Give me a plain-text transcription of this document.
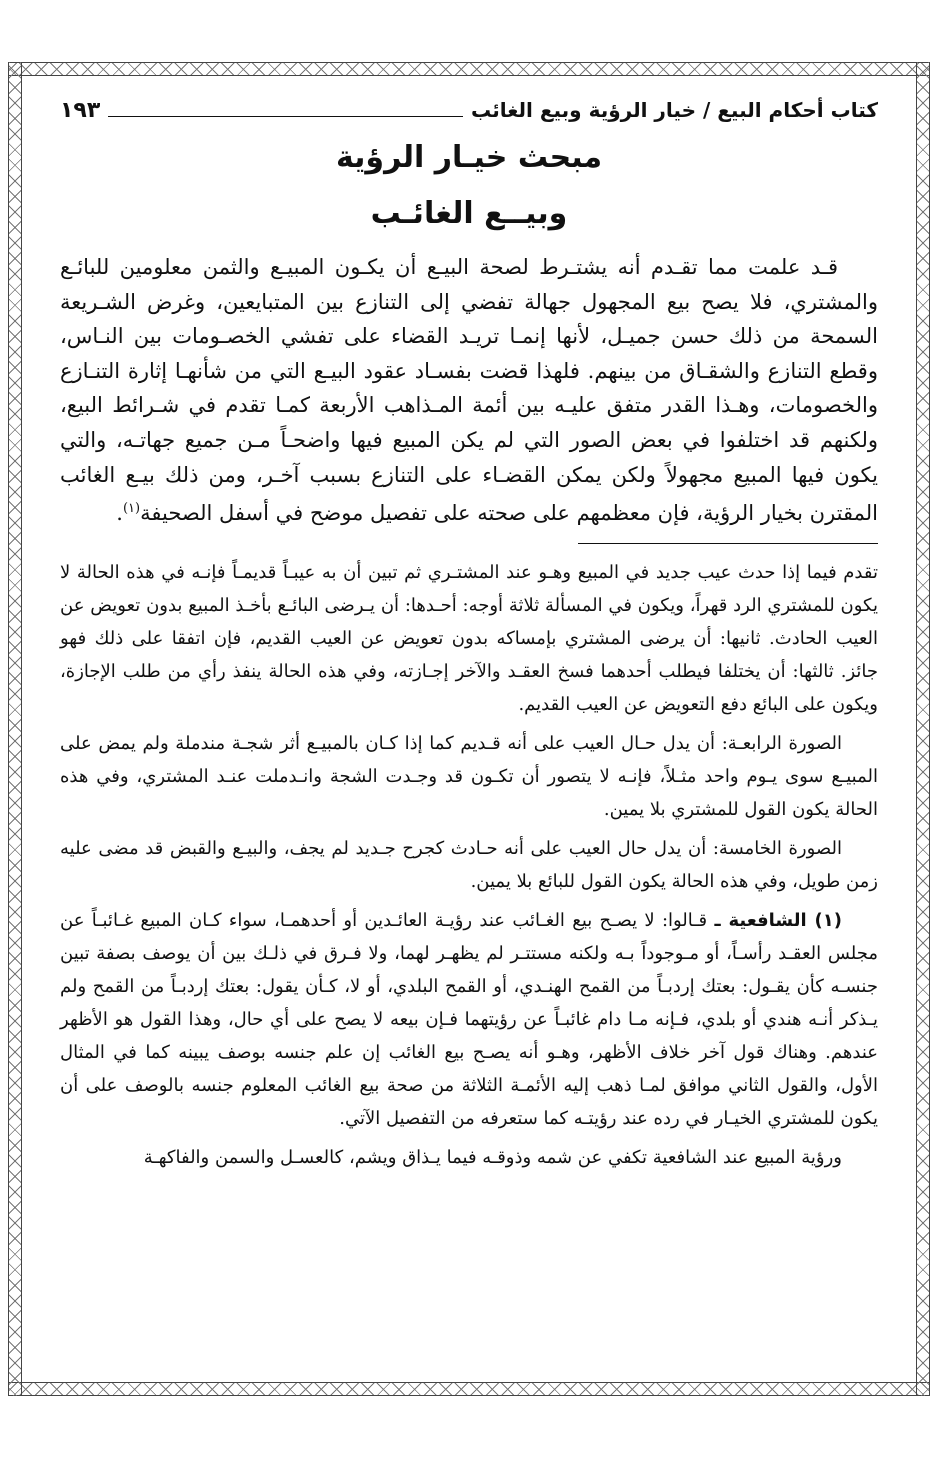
كتاب أحكام البيع / خيار الرؤية وبيع الغائب
١٩٣
مبحث خيـار الرؤية
وبيــع الغائـب

قـد علمت مما تقـدم أنه يشتـرط لصحة البيـع أن يكـون المبيـع والثمن معلومين للبائـع والمشتري، فلا يصح بيع المجهول جهالة تفضي إلى التنازع بين المتبايعين، وغرض الشـريعة السمحة من ذلك حسن جميـل، لأنها إنمـا تريـد القضاء على تفشي الخصـومات بين النـاس، وقطع التنازع والشقـاق من بينهم. فلهذا قضت بفسـاد عقود البيـع التي من شأنهـا إثارة التنـازع والخصومات، وهـذا القدر متفق عليـه بين أئمة المـذاهب الأربعة كمـا تقدم في شـرائط البيع، ولكنهم قد اختلفوا في بعض الصور التي لم يكن المبيع فيها واضحـاً مـن جميع جهاتـه، والتي يكون فيها المبيع مجهولاً ولكن يمكن القضـاء على التنازع بسبب آخـر، ومن ذلك بيـع الغائب المقترن بخيار الرؤية، فإن معظمهم على صحته على تفصيل موضح في أسفل الصحيفة$^{(١)}$.

تقدم فيما إذا حدث عيب جديد في المبيع وهـو عند المشتـري ثم تبين أن به عيبـاً قديمـاً فإنـه في هذه الحالة لا يكون للمشتري الرد قهراً، ويكون في المسألة ثلاثة أوجه: أحـدها: أن يـرضى البائـع بأخـذ المبيع بدون تعويض عن العيب الحادث. ثانيها: أن يرضى المشتري بإمساكه بدون تعويض عن العيب القديم، فإن اتفقا على ذلك فهو جائز. ثالثها: أن يختلفا فيطلب أحدهما فسخ العقـد والآخر إجـازته، وفي هذه الحالة ينفذ رأي من طلب الإجازة، ويكون على البائع دفع التعويض عن العيب القديم.

الصورة الرابعـة: أن يدل حـال العيب على أنه قـديم كما إذا كـان بالمبيـع أثر شجـة مندملة ولم يمض على المبيـع سوى يـوم واحد مثـلاً، فإنـه لا يتصور أن تكـون قد وجـدت الشجة وانـدملت عنـد المشتري، وفي هذه الحالة يكون القول للمشتري بلا يمين.

الصورة الخامسة: أن يدل حال العيب على أنه حـادث كجرح جـديد لم يجف، والبيـع والقبض قد مضى عليه زمن طويل، وفي هذه الحالة يكون القول للبائع بلا يمين.

(١) الشافعية ـ قـالوا: لا يصـح بيع الغـائب عند رؤيـة العائـدين أو أحدهمـا، سواء كـان المبيع غـائبـاً عن مجلس العقـد رأسـاً، أو مـوجوداً بـه ولكنه مستتـر لم يظهـر لهما، ولا فـرق في ذلـك بين أن يوصف بصفة تبين جنسـه كأن يقـول: بعتك إردبـاً من القمح الهنـدي، أو القمح البلدي، أو لا، كـأن يقول: بعتك إردبـاً من القمح ولم يـذكر أنـه هندي أو بلدي، فـإنه مـا دام غائبـاً عن رؤيتهما فـإن بيعه لا يصح على أي حال، وهذا القول هو الأظهر عندهم. وهناك قول آخر خلاف الأظهر، وهـو أنه يصـح بيع الغائب إن علم جنسه بوصف يبينه كما في المثال الأول، والقول الثاني موافق لمـا ذهب إليه الأئمـة الثلاثة من صحة بيع الغائب المعلوم جنسه بالوصف على أن يكون للمشتري الخيـار في رده عند رؤيتـه كما ستعرفه من التفصيل الآتي.

ورؤية المبيع عند الشافعية تكفي عن شمه وذوقـه فيما يـذاق ويشم، كالعسـل والسمن والفاكهـة
